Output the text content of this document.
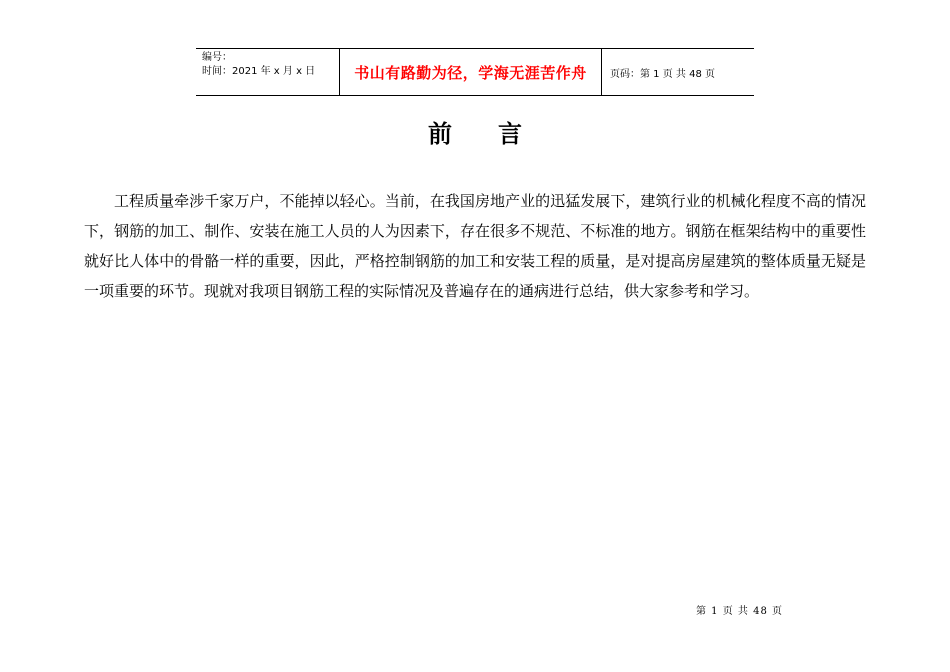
编号：
时间：2021 年 x 月 x 日	书山有路勤为径，学海无涯苦作舟 页码：第 1 页 共 48 页
前言

工程质量牵涉千家万户，不能掉以轻心。当前，在我国房地产业的迅猛发展下，建筑行业的机械化程度不高的情况下，钢筋的加工、制作、安装在施工人员的人为因素下，存在很多不规范、不标准的地方。钢筋在框架结构中的重要性就好比人体中的骨骼一样的重要，因此，严格控制钢筋的加工和安装工程的质量，是对提高房屋建筑的整体质量无疑是一项重要的环节。现就对我项目钢筋工程的实际情况及普遍存在的通病进行总结，供大家参考和学习。

第 1 页 共 48 页
